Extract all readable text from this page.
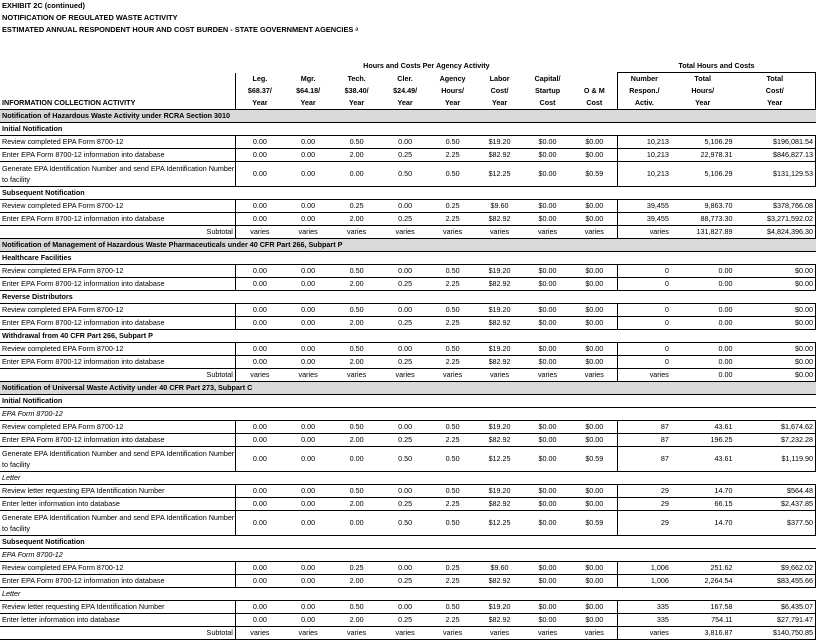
EXHIBIT 2C (continued)
NOTIFICATION OF REGULATED WASTE ACTIVITY
ESTIMATED ANNUAL RESPONDENT HOUR AND COST BURDEN - STATE GOVERNMENT AGENCIES ᵃ
	Hours and Costs Per Agency Activity								Total Hours and Costs		
	Leg.	Mgr.	Tech.	Cler.	Agency	Labor	Capital/		Number	Total	Total
	$68.37/	$64.18/	$38.40/	$24.49/	Hours/	Cost/	Startup	O & M	Respon./	Hours/	Cost/
INFORMATION COLLECTION ACTIVITY	Year	Year	Year	Year	Year	Year	Cost	Cost	Activ.	Year	Year
Notification of Hazardous Waste Activity under RCRA Section 3010											
Initial Notification											
Review completed EPA Form 8700-12	0.00	0.00	0.50	0.00	0.50	$19.20	$0.00	$0.00	10,213	5,106.29	$196,081.54
Enter EPA Form 8700-12 information into database	0.00	0.00	2.00	0.25	2.25	$82.92	$0.00	$0.00	10,213	22,978.31	$846,827.13
Generate EPA Identification Number and send EPA Identification Number to facility	0.00	0.00	0.00	0.50	0.50	$12.25	$0.00	$0.59	10,213	5,106.29	$131,129.53
Subsequent Notification											
Review completed EPA Form 8700-12	0.00	0.00	0.25	0.00	0.25	$9.60	$0.00	$0.00	39,455	9,863.70	$378,766.08
Enter EPA Form 8700-12 information into database	0.00	0.00	2.00	0.25	2.25	$82.92	$0.00	$0.00	39,455	88,773.30	$3,271,592.02
Subtotal	varies	varies	varies	varies	varies	varies	varies	varies	varies	131,827.89	$4,824,396.30
Notification of Management of Hazardous Waste Pharmaceuticals under 40 CFR Part 266, Subpart P											
Healthcare Facilities											
Review completed EPA Form 8700-12	0.00	0.00	0.50	0.00	0.50	$19.20	$0.00	$0.00	0	0.00	$0.00
Enter EPA Form 8700-12 information into database	0.00	0.00	2.00	0.25	2.25	$82.92	$0.00	$0.00	0	0.00	$0.00
Reverse Distributors											
Review completed EPA Form 8700-12	0.00	0.00	0.50	0.00	0.50	$19.20	$0.00	$0.00	0	0.00	$0.00
Enter EPA Form 8700-12 information into database	0.00	0.00	2.00	0.25	2.25	$82.92	$0.00	$0.00	0	0.00	$0.00
Withdrawal from 40 CFR Part 266, Subpart P											
Review completed EPA Form 8700-12	0.00	0.00	0.50	0.00	0.50	$19.20	$0.00	$0.00	0	0.00	$0.00
Enter EPA Form 8700-12 information into database	0.00	0.00	2.00	0.25	2.25	$82.92	$0.00	$0.00	0	0.00	$0.00
Subtotal	varies	varies	varies	varies	varies	varies	varies	varies	varies	0.00	$0.00
Notification of Universal Waste Activity under 40 CFR Part 273, Subpart C											
Initial Notification											
EPA Form 8700-12											
Review completed EPA Form 8700-12	0.00	0.00	0.50	0.00	0.50	$19.20	$0.00	$0.00	87	43.61	$1,674.62
Enter EPA Form 8700-12 information into database	0.00	0.00	2.00	0.25	2.25	$82.92	$0.00	$0.00	87	196.25	$7,232.28
Generate EPA Identification Number and send EPA Identification Number to facility	0.00	0.00	0.00	0.50	0.50	$12.25	$0.00	$0.59	87	43.61	$1,119.90
Letter											
Review letter requesting EPA Identification Number	0.00	0.00	0.50	0.00	0.50	$19.20	$0.00	$0.00	29	14.70	$564.48
Enter letter information into database	0.00	0.00	2.00	0.25	2.25	$82.92	$0.00	$0.00	29	66.15	$2,437.85
Generate EPA Identification Number and send EPA Identification Number to facility	0.00	0.00	0.00	0.50	0.50	$12.25	$0.00	$0.59	29	14.70	$377.50
Subsequent Notification											
EPA Form 8700-12											
Review completed EPA Form 8700-12	0.00	0.00	0.25	0.00	0.25	$9.60	$0.00	$0.00	1,006	251.62	$9,662.02
Enter EPA Form 8700-12 information into database	0.00	0.00	2.00	0.25	2.25	$82.92	$0.00	$0.00	1,006	2,264.54	$83,455.66
Letter											
Review letter requesting EPA Identification Number	0.00	0.00	0.50	0.00	0.50	$19.20	$0.00	$0.00	335	167.58	$6,435.07
Enter letter information into database	0.00	0.00	2.00	0.25	2.25	$82.92	$0.00	$0.00	335	754.11	$27,791.47
Subtotal	varies	varies	varies	varies	varies	varies	varies	varies	varies	3,816.87	$140,750.85
